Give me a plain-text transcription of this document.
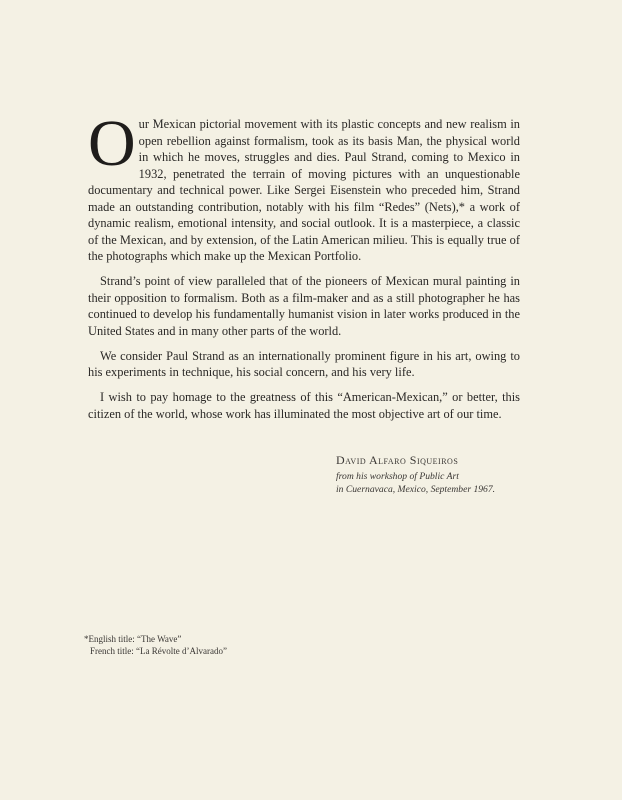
Our Mexican pictorial movement with its plastic concepts and new realism in open rebellion against formalism, took as its basis Man, the physical world in which he moves, struggles and dies. Paul Strand, coming to Mexico in 1932, penetrated the terrain of moving pictures with an unquestionable documentary and technical power. Like Sergei Eisenstein who preceded him, Strand made an outstanding contribution, notably with his film “Redes” (Nets),* a work of dynamic realism, emotional intensity, and social outlook. It is a masterpiece, a classic of the Mexican, and by extension, of the Latin American milieu. This is equally true of the photographs which make up the Mexican Portfolio.

Strand’s point of view paralleled that of the pioneers of Mexican mural painting in their opposition to formalism. Both as a film-maker and as a still photographer he has continued to develop his fundamentally humanist vision in later works produced in the United States and in many other parts of the world.

We consider Paul Strand as an internationally prominent figure in his art, owing to his experiments in technique, his social concern, and his very life.

I wish to pay homage to the greatness of this “American-Mexican,” or better, this citizen of the world, whose work has illuminated the most objective art of our time.

David Alfaro Siqueiros
from his workshop of Public Art
in Cuernavaca, Mexico, September 1967.
*English title: “The Wave”
French title: “La Révolte d’Alvarado”
